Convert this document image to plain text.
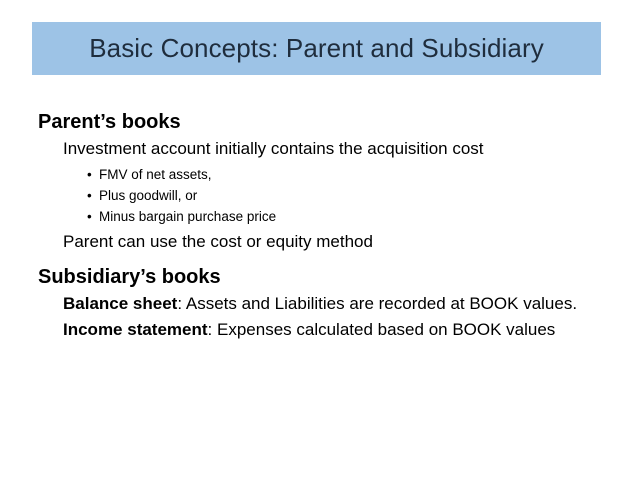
Basic Concepts: Parent and Subsidiary

Parent’s books

Investment account initially contains the acquisition cost

• FMV of net assets,
• Plus goodwill, or
• Minus bargain purchase price

Parent can use the cost or equity method

Subsidiary’s books

Balance sheet: Assets and Liabilities are recorded at BOOK values.

Income statement: Expenses calculated based on BOOK values
